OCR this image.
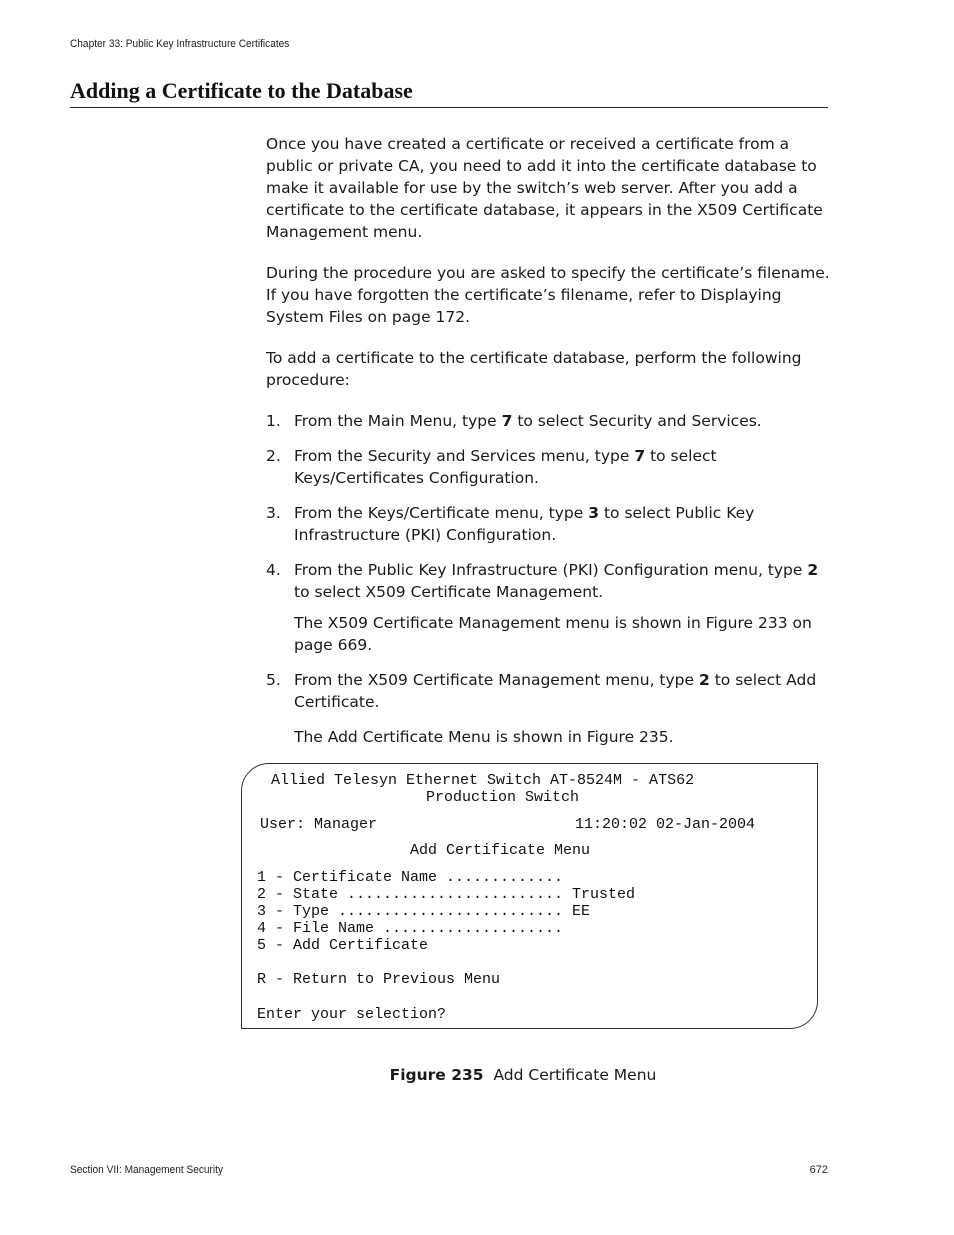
Chapter 33: Public Key Infrastructure Certificates
Adding a Certificate to the Database

Once you have created a certificate or received a certificate from a public or private CA, you need to add it into the certificate database to make it available for use by the switch’s web server. After you add a certificate to the certificate database, it appears in the X509 Certificate Management menu.

During the procedure you are asked to specify the certificate’s filename. If you have forgotten the certificate’s filename, refer to Displaying System Files on page 172.

To add a certificate to the certificate database, perform the following procedure:

1. From the Main Menu, type 7 to select Security and Services.
2. From the Security and Services menu, type 7 to select Keys/Certificates Configuration.
3. From the Keys/Certificate menu, type 3 to select Public Key Infrastructure (PKI) Configuration.
4. From the Public Key Infrastructure (PKI) Configuration menu, type 2 to select X509 Certificate Management.
The X509 Certificate Management menu is shown in Figure 233 on page 669.
5. From the X509 Certificate Management menu, type 2 to select Add Certificate.
The Add Certificate Menu is shown in Figure 235.
Allied Telesyn Ethernet Switch AT-8524M - ATS62
Production Switch
User: Manager	11:20:02 02-Jan-2004
Add Certificate Menu
1 - Certificate Name .............
2 - State ........................ Trusted
3 - Type ......................... EE
4 - File Name ....................
5 - Add Certificate
R - Return to Previous Menu
Enter your selection?
Figure 235 Add Certificate Menu
Section VII: Management Security	672
